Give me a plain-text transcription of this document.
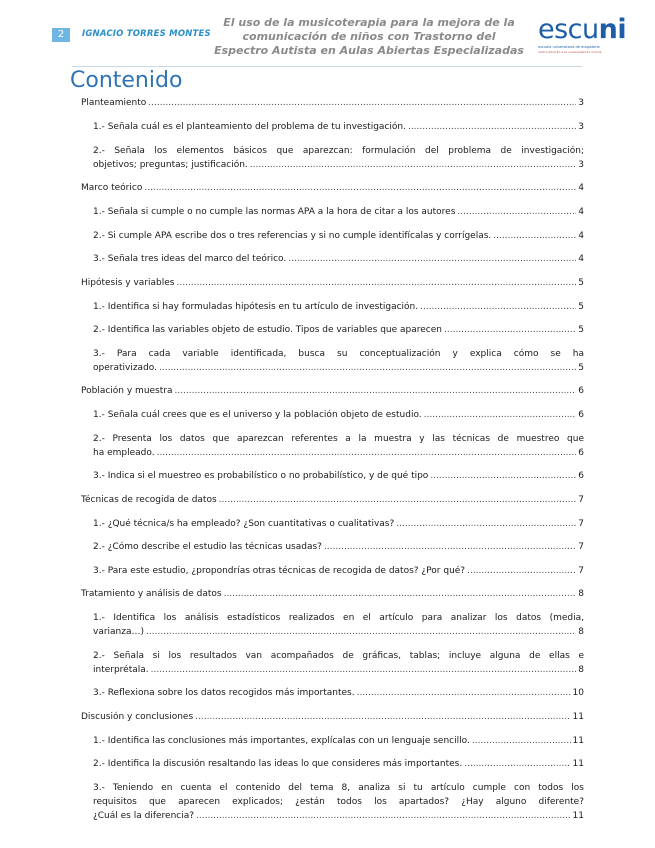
2	IGNACIO TORRES MONTES
El uso de la musicoterapia para la mejora de la comunicación de niños con Trastorno del Espectro Autista en Aulas Abiertas Especializadas
escuni
escuela universitaria de magisterio
centro adscrito a la universidad de murcia
Contenido
Planteamiento .....	3
1.- Señala cuál es el planteamiento del problema de tu investigación. .....	3
2.- Señala los elementos básicos que aparezcan: formulación del problema de investigación;
objetivos; preguntas; justificación. .....	3
Marco teórico .....	4
1.- Señala si cumple o no cumple las normas APA a la hora de citar a los autores .....	4
2.- Si cumple APA escribe dos o tres referencias y si no cumple identifícalas y corrígelas. .....	4
3.- Señala tres ideas del marco del teórico. .....	4
Hipótesis y variables .....	5
1.- Identifica si hay formuladas hipótesis en tu artículo de investigación. .....	5
2.- Identifica las variables objeto de estudio. Tipos de variables que aparecen .....	5
3.- Para cada variable identificada, busca su conceptualización y explica cómo se ha
operativizado. .....	5
Población y muestra .....	6
1.- Señala cuál crees que es el universo y la población objeto de estudio. .....	6
2.- Presenta los datos que aparezcan referentes a la muestra y las técnicas de muestreo que
ha empleado. .....	6
3.- Indica si el muestreo es probabilístico o no probabilístico, y de qué tipo .....	6
Técnicas de recogida de datos .....	7
1.- ¿Qué técnica/s ha empleado? ¿Son cuantitativas o cualitativas? .....	7
2.- ¿Cómo describe el estudio las técnicas usadas? .....	7
3.- Para este estudio, ¿propondrías otras técnicas de recogida de datos? ¿Por qué? .....	7
Tratamiento y análisis de datos .....	8
1.- Identifica los análisis estadísticos realizados en el artículo para analizar los datos (media,
varianza…) .....	8
2.- Señala si los resultados van acompañados de gráficas, tablas; incluye alguna de ellas e
interprétala. .....	8
3.- Reflexiona sobre los datos recogidos más importantes. .....	10
Discusión y conclusiones .....	11
1.- Identifica las conclusiones más importantes, explícalas con un lenguaje sencillo. .....	11
2.- Identifica la discusión resaltando las ideas lo que consideres más importantes. .....	11
3.- Teniendo en cuenta el contenido del tema 8, analiza si tu artículo cumple con todos los
requisitos que aparecen explicados; ¿están todos los apartados? ¿Hay alguno diferente?
¿Cuál es la diferencia? .....	11
